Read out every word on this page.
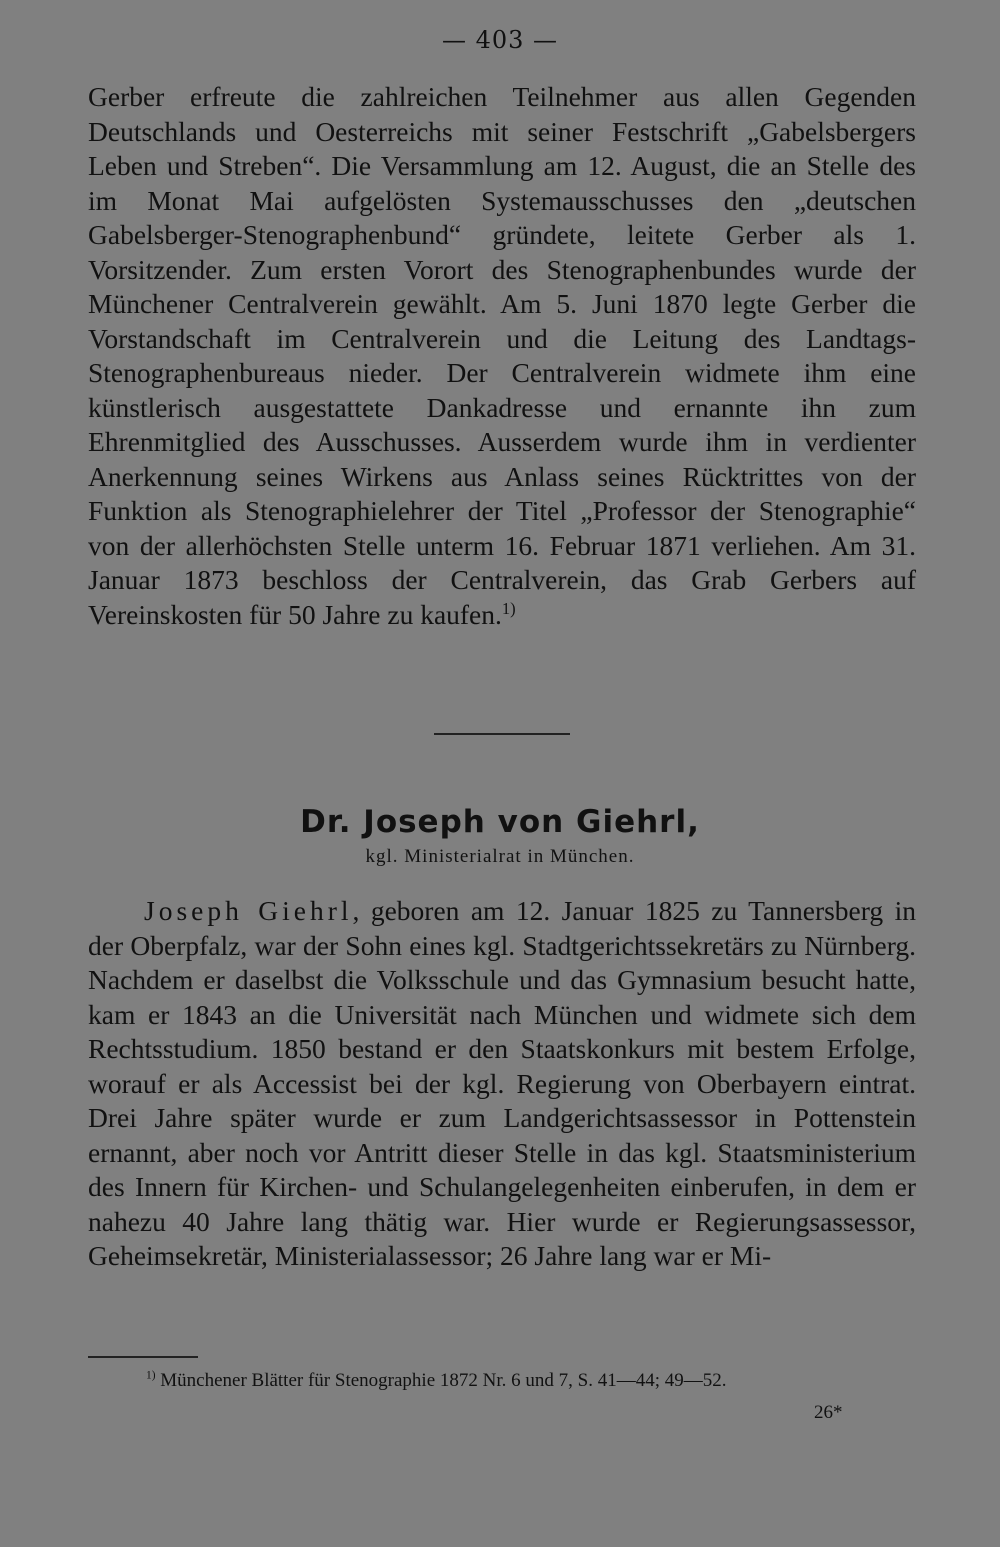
— 403 —

Gerber erfreute die zahlreichen Teilnehmer aus allen Gegenden Deutschlands und Oesterreichs mit seiner Festschrift „Gabelsbergers Leben und Streben“. Die Versammlung am 12. August, die an Stelle des im Monat Mai aufgelösten Systemausschusses den „deutschen Gabelsberger-Stenographenbund“ gründete, leitete Gerber als 1. Vorsitzender. Zum ersten Vorort des Stenographenbundes wurde der Münchener Centralverein gewählt. Am 5. Juni 1870 legte Gerber die Vorstandschaft im Centralverein und die Leitung des Landtags-Stenographenbureaus nieder. Der Centralverein widmete ihm eine künstlerisch ausgestattete Dankadresse und ernannte ihn zum Ehrenmitglied des Ausschusses. Ausserdem wurde ihm in verdienter Anerkennung seines Wirkens aus Anlass seines Rücktrittes von der Funktion als Stenographielehrer der Titel „Professor der Stenographie“ von der allerhöchsten Stelle unterm 16. Februar 1871 verliehen. Am 31. Januar 1873 beschloss der Centralverein, das Grab Gerbers auf Vereinskosten für 50 Jahre zu kaufen.$^{1)}$

Dr. Joseph von Giehrl,
kgl. Ministerialrat in München.

Joseph Giehrl, geboren am 12. Januar 1825 zu Tannersberg in der Oberpfalz, war der Sohn eines kgl. Stadtgerichtssekretärs zu Nürnberg. Nachdem er daselbst die Volksschule und das Gymnasium besucht hatte, kam er 1843 an die Universität nach München und widmete sich dem Rechtsstudium. 1850 bestand er den Staatskonkurs mit bestem Erfolge, worauf er als Accessist bei der kgl. Regierung von Oberbayern eintrat. Drei Jahre später wurde er zum Landgerichtsassessor in Pottenstein ernannt, aber noch vor Antritt dieser Stelle in das kgl. Staatsministerium des Innern für Kirchen- und Schulangelegenheiten einberufen, in dem er nahezu 40 Jahre lang thätig war. Hier wurde er Regierungsassessor, Geheimsekretär, Ministerialassessor; 26 Jahre lang war er Mi-

$^{1)}$ Münchener Blätter für Stenographie 1872 Nr. 6 und 7, S. 41—44; 49—52.
26*
